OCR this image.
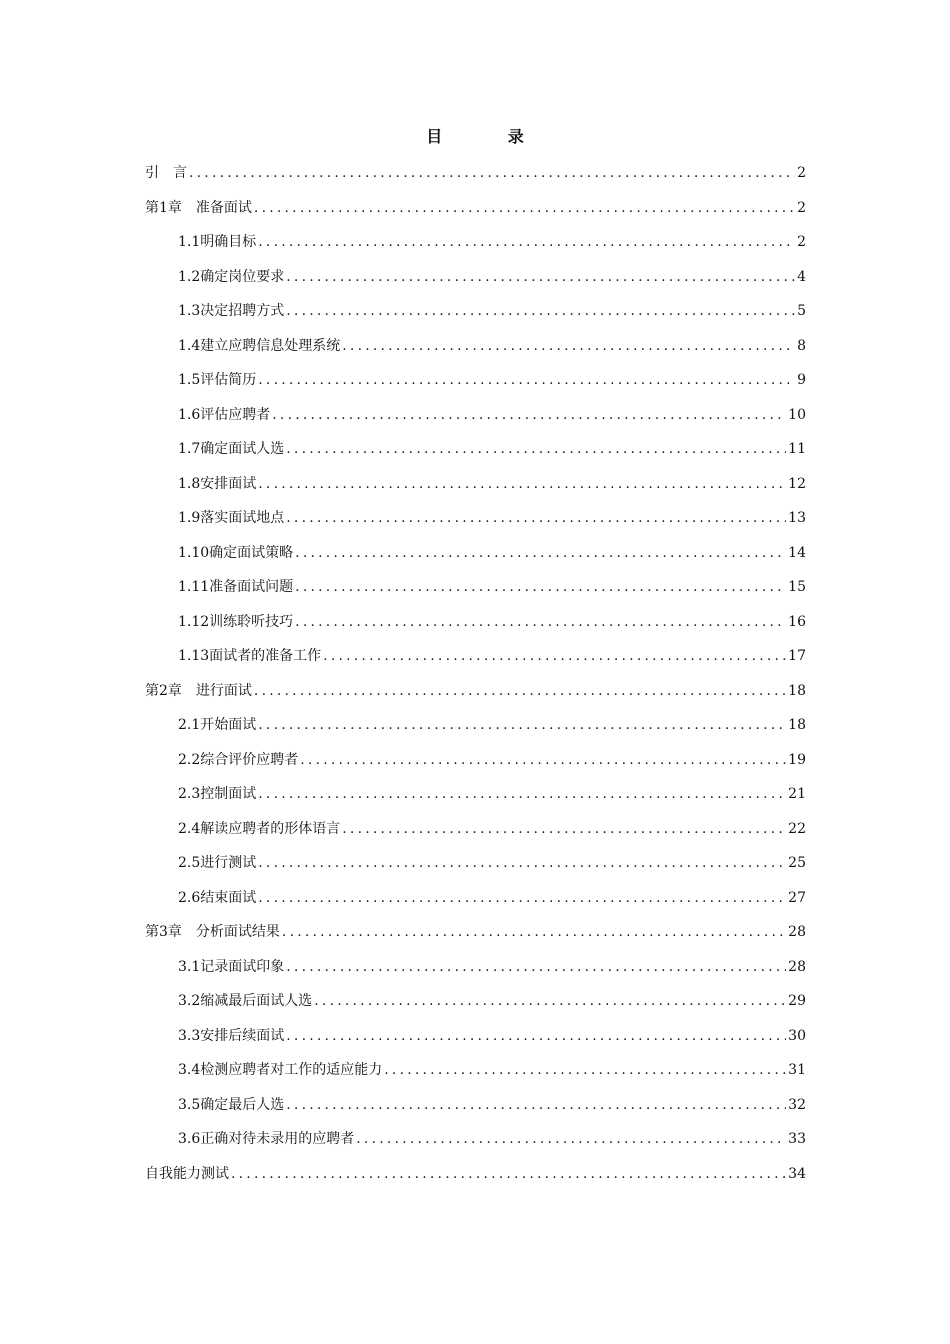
目 录
引　言 .....	2
第1章　准备面试 .....	2
1.1明确目标 .....	2
1.2确定岗位要求 .....	4
1.3决定招聘方式 .....	5
1.4建立应聘信息处理系统 .....	8
1.5评估简历 .....	9
1.6评估应聘者 .....	10
1.7确定面试人选 .....	11
1.8安排面试 .....	12
1.9落实面试地点 .....	13
1.10确定面试策略 .....	14
1.11准备面试问题 .....	15
1.12训练聆听技巧 .....	16
1.13面试者的准备工作 .....	17
第2章　进行面试 .....	18
2.1开始面试 .....	18
2.2综合评价应聘者 .....	19
2.3控制面试 .....	21
2.4解读应聘者的形体语言 .....	22
2.5进行测试 .....	25
2.6结束面试 .....	27
第3章　分析面试结果 .....	28
3.1记录面试印象 .....	28
3.2缩减最后面试人选 .....	29
3.3安排后续面试 .....	30
3.4检测应聘者对工作的适应能力 .....	31
3.5确定最后人选 .....	32
3.6正确对待未录用的应聘者 .....	33
自我能力测试 .....	34
